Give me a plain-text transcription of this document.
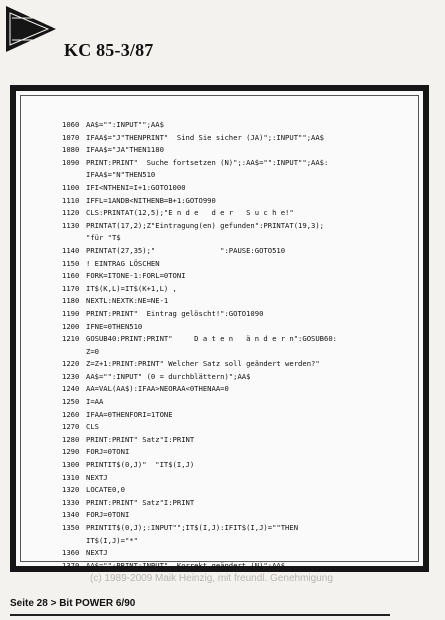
KC 85-3/87
1060 AA$="":INPUT"";AA$
1070 IFAA$="J"THENPRINT"  Sind Sie sicher (JA)";:INPUT"";AA$
1080 IFAA$="JA"THEN1180
1090 PRINT:PRINT"  Suche fortsetzen (N)";:AA$="":INPUT"";AA$:
IFAA$="N"THEN510
1100 IFI<NTHENI=I+1:GOTO1000
1110 IFFL=1ANDB<NITHENB=B+1:GOTO990
1120 CLS:PRINTAT(12,5);"E n d e   d e r   S u c h e!"
1130 PRINTAT(17,2);Z"Eintragung(en) gefunden":PRINTAT(19,3);
"für "T$
1140 PRINTAT(27,35);"               ":PAUSE:GOTO510
1150 ! EINTRAG LÖSCHEN
1160 FORK=ITONE-1:FORL=0TONI
1170 IT$(K,L)=IT$(K+1,L) ,
1180 NEXTL:NEXTK:NE=NE-1
1190 PRINT:PRINT"  Eintrag gelöscht!":GOTO1090
1200 IFNE=0THEN510
1210 GOSUB40:PRINT:PRINT"     D a t e n   ä n d e r n":GOSUB60:
Z=0
1220 Z=Z+1:PRINT:PRINT" Welcher Satz soll geändert werden?"
1230 AA$="":INPUT" (0 = durchblättern)";AA$
1240 AA=VAL(AA$):IFAA>NEORAA<0THENAA=0
1250 I=AA
1260 IFAA=0THENFORI=1TONE
1270 CLS
1280 PRINT:PRINT" Satz"I:PRINT
1290 FORJ=0TONI
1300 PRINTIT$(0,J)"  "IT$(I,J)
1310 NEXTJ
1320 LOCATE0,0
1330 PRINT:PRINT" Satz"I:PRINT
1340 FORJ=0TONI
1350 PRINTIT$(0,J);:INPUT"";IT$(I,J):IFIT$(I,J)=""THEN
IT$(I,J)="*"
1360 NEXTJ
1370 AA$="":PRINT:INPUT"  Korrekt geändert (N)";AA$
(c) 1989-2009 Maik Heinzig, mit freundl. Genehmigung
Seite 28 > Bit POWER 6/90
